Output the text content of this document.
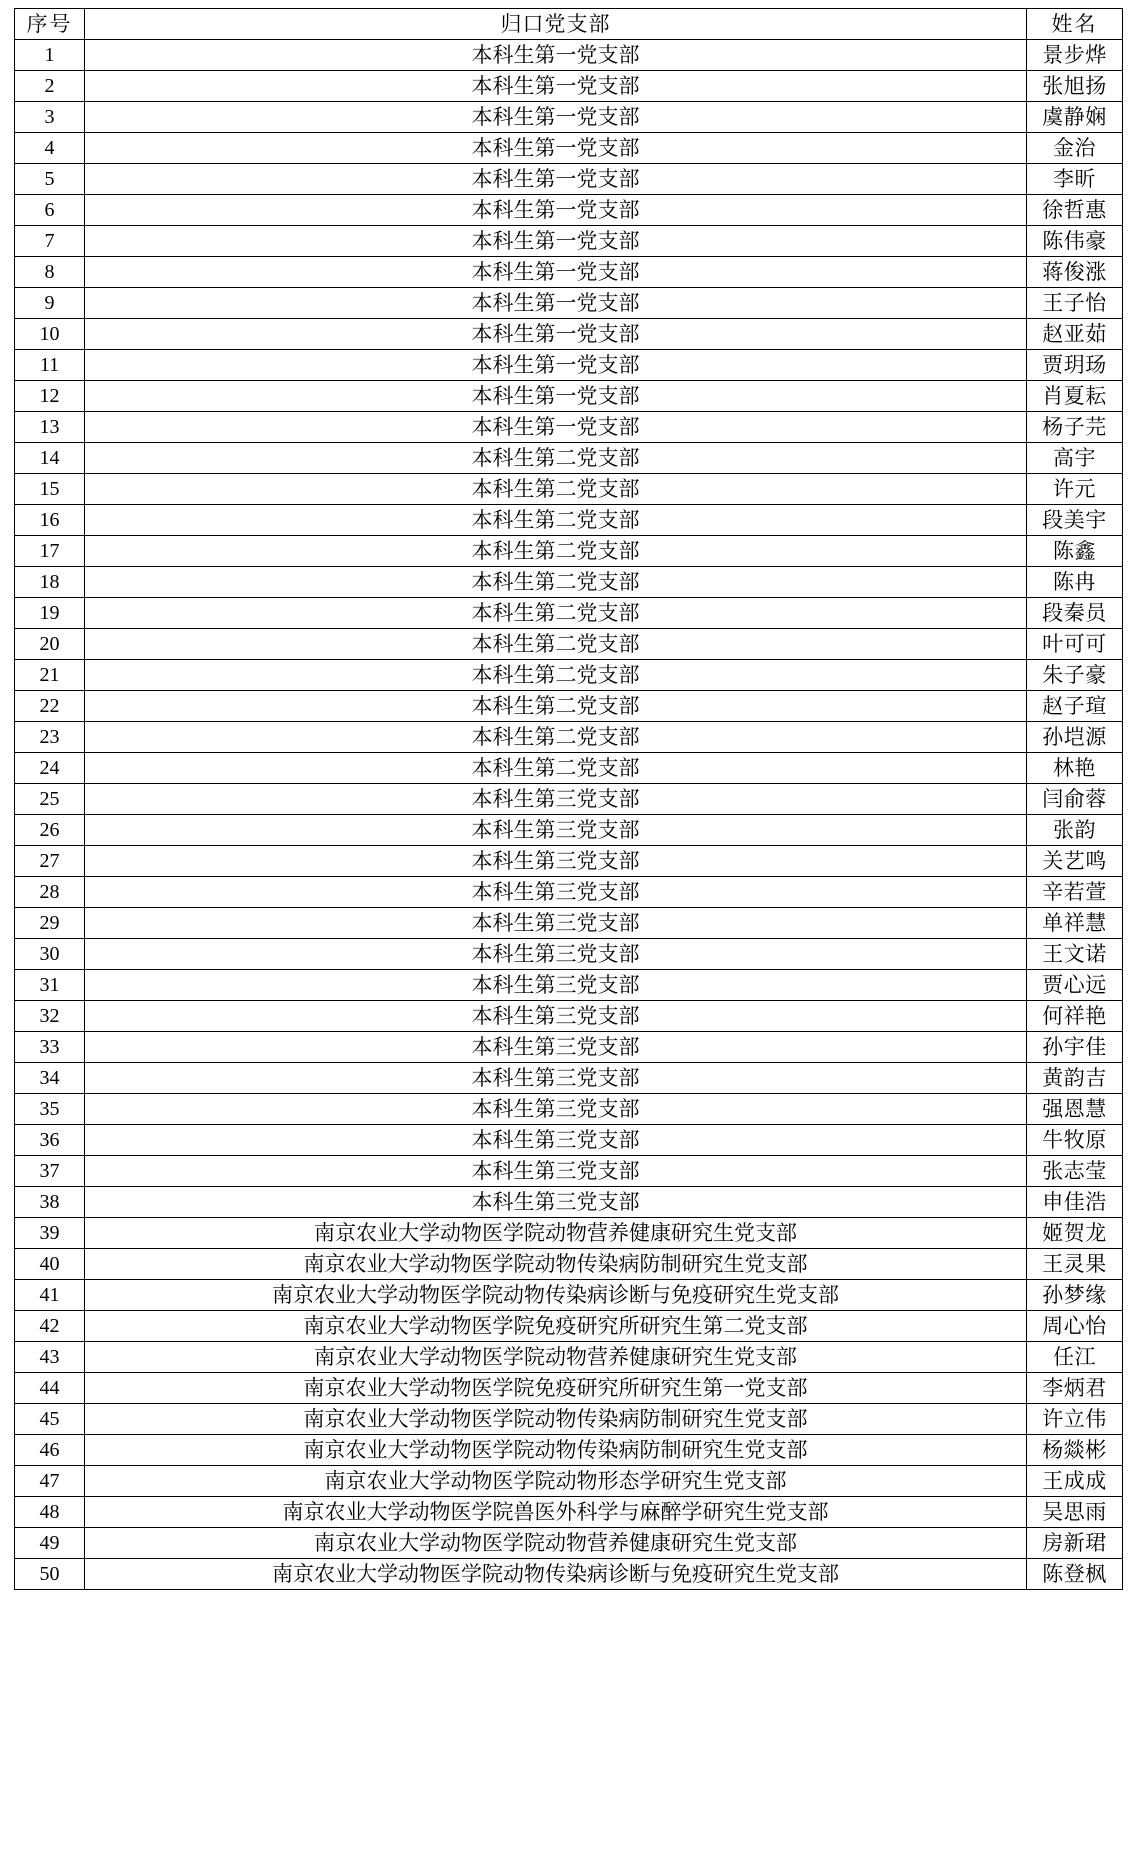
序号	归口党支部	姓名
1	本科生第一党支部	景步烨
2	本科生第一党支部	张旭扬
3	本科生第一党支部	虞静娴
4	本科生第一党支部	金治
5	本科生第一党支部	李昕
6	本科生第一党支部	徐哲惠
7	本科生第一党支部	陈伟豪
8	本科生第一党支部	蒋俊涨
9	本科生第一党支部	王子怡
10	本科生第一党支部	赵亚茹
11	本科生第一党支部	贾玥玚
12	本科生第一党支部	肖夏耘
13	本科生第一党支部	杨子芫
14	本科生第二党支部	高宇
15	本科生第二党支部	许元
16	本科生第二党支部	段美宇
17	本科生第二党支部	陈鑫
18	本科生第二党支部	陈冉
19	本科生第二党支部	段秦员
20	本科生第二党支部	叶可可
21	本科生第二党支部	朱子豪
22	本科生第二党支部	赵子瑄
23	本科生第二党支部	孙垲源
24	本科生第二党支部	林艳
25	本科生第三党支部	闫俞蓉
26	本科生第三党支部	张韵
27	本科生第三党支部	关艺鸣
28	本科生第三党支部	辛若萱
29	本科生第三党支部	单祥慧
30	本科生第三党支部	王文诺
31	本科生第三党支部	贾心远
32	本科生第三党支部	何祥艳
33	本科生第三党支部	孙宇佳
34	本科生第三党支部	黄韵吉
35	本科生第三党支部	强恩慧
36	本科生第三党支部	牛牧原
37	本科生第三党支部	张志莹
38	本科生第三党支部	申佳浩
39	南京农业大学动物医学院动物营养健康研究生党支部	姬贺龙
40	南京农业大学动物医学院动物传染病防制研究生党支部	王灵果
41	南京农业大学动物医学院动物传染病诊断与免疫研究生党支部	孙梦缘
42	南京农业大学动物医学院免疫研究所研究生第二党支部	周心怡
43	南京农业大学动物医学院动物营养健康研究生党支部	任江
44	南京农业大学动物医学院免疫研究所研究生第一党支部	李炳君
45	南京农业大学动物医学院动物传染病防制研究生党支部	许立伟
46	南京农业大学动物医学院动物传染病防制研究生党支部	杨燚彬
47	南京农业大学动物医学院动物形态学研究生党支部	王成成
48	南京农业大学动物医学院兽医外科学与麻醉学研究生党支部	吴思雨
49	南京农业大学动物医学院动物营养健康研究生党支部	房新珺
50	南京农业大学动物医学院动物传染病诊断与免疫研究生党支部	陈登枫
